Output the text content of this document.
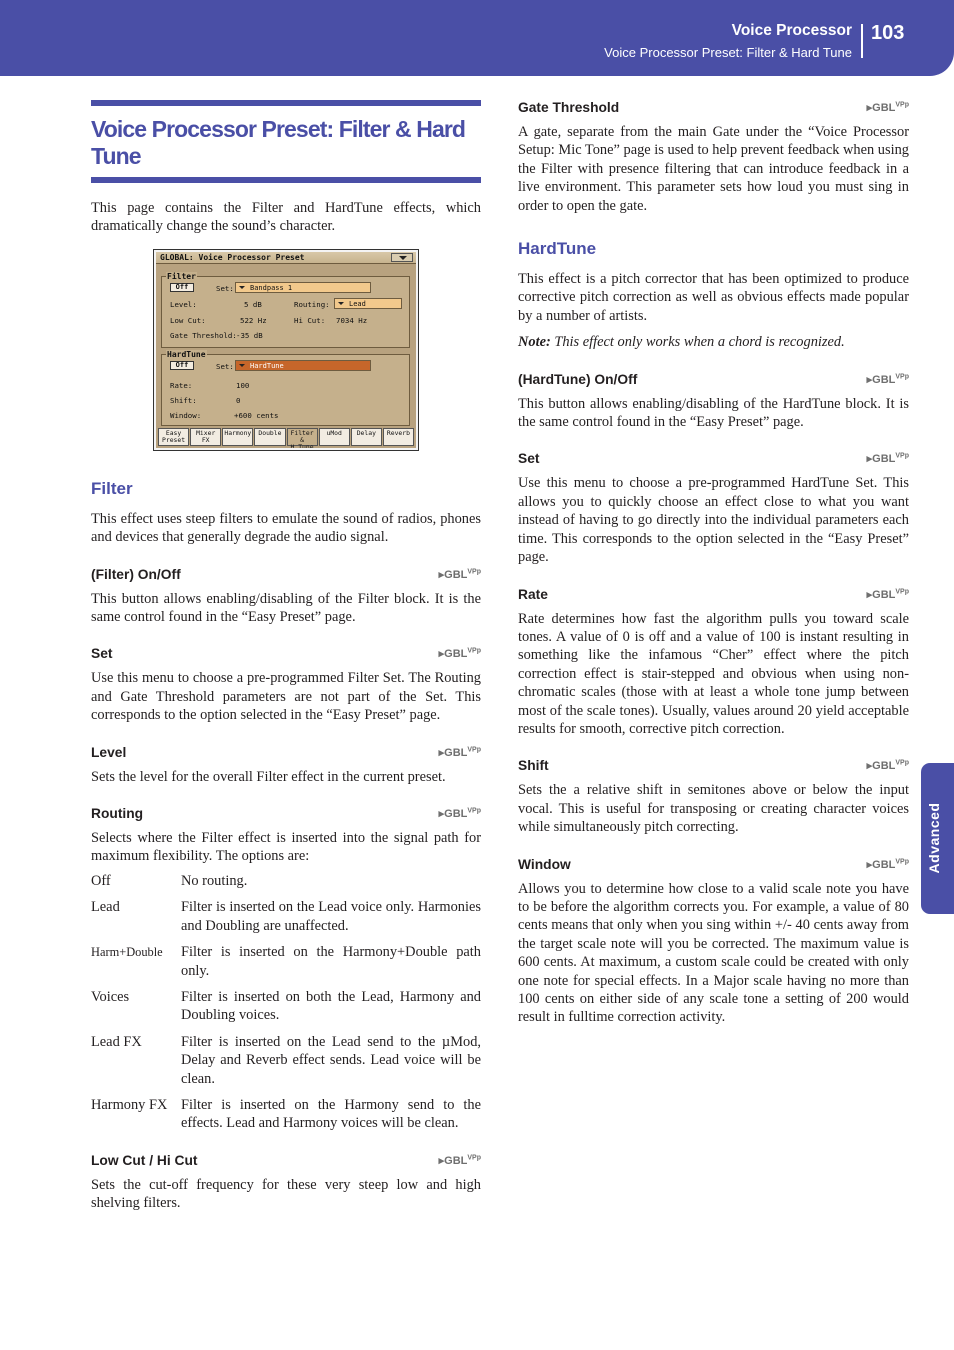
Voice Processor
Voice Processor Preset: Filter & Hard Tune
103
Advanced
Voice Processor Preset: Filter & Hard Tune

This page contains the Filter and HardTune effects, which dramatically change the sound’s character.

GLOBAL: Voice Processor Preset
Filter
Off	Set:	Bandpass 1
Level:	5 dB	Routing:	Lead
Low Cut:	522 Hz	Hi Cut: 7034 Hz
Gate Threshold: -35 dB
HardTune
Off	Set:	HardTune
Rate:	100
Shift:	0
Window:	+600 cents
Easy Preset
Mixer FX
Harmony	Double	Filter & H.Tune
uMod	Delay	Reverb
Filter

This effect uses steep filters to emulate the sound of radios, phones and devices that generally degrade the audio signal.

(Filter) On/Off	$▸GBL^{VPp}$

This button allows enabling/disabling of the Filter block. It is the same control found in the “Easy Preset” page.

Set	$▸GBL^{VPp}$

Use this menu to choose a pre-programmed Filter Set. The Routing and Gate Threshold parameters are not part of the Set. This corresponds to the option selected in the “Easy Preset” page.

Level	$▸GBL^{VPp}$

Sets the level for the overall Filter effect in the current preset.

Routing	$▸GBL^{VPp}$

Selects where the Filter effect is inserted into the signal path for maximum flexibility. The options are:

Off	No routing.
Lead	Filter is inserted on the Lead voice only. Harmonies and Doubling are unaffected.
Harm+Double	Filter is inserted on the Harmony+Double path only.
Voices	Filter is inserted on both the Lead, Harmony and Doubling voices.
Lead FX	Filter is inserted on the Lead send to the µMod, Delay and Reverb effect sends. Lead voice will be clean.
Harmony FX	Filter is inserted on the Harmony send to the effects. Lead and Harmony voices will be clean.
Low Cut / Hi Cut	$▸GBL^{VPp}$

Sets the cut-off frequency for these very steep low and high shelving filters.

Gate Threshold	$▸GBL^{VPp}$

A gate, separate from the main Gate under the “Voice Processor Setup: Mic Tone” page is used to help prevent feedback when using the Filter with presence filtering that can introduce feedback in a live environment. This parameter sets how loud you must sing in order to open the gate.

HardTune

This effect is a pitch corrector that has been optimized to produce corrective pitch correction as well as obvious effects made popular by a number of artists.

Note: This effect only works when a chord is recognized.

(HardTune) On/Off	$▸GBL^{VPp}$

This button allows enabling/disabling of the HardTune block. It is the same control found in the “Easy Preset” page.

Set	$▸GBL^{VPp}$

Use this menu to choose a pre-programmed HardTune Set. This allows you to quickly choose an effect close to what you want instead of having to go directly into the individual parameters each time. This corresponds to the option selected in the “Easy Preset” page.

Rate	$▸GBL^{VPp}$

Rate determines how fast the algorithm pulls you toward scale tones. A value of 0 is off and a value of 100 is instant resulting in something like the infamous “Cher” effect where the pitch correction effect is stair-stepped and obvious when using non-chromatic scales (those with at least a whole tone jump between most of the scale tones). Usually, values around 20 yield acceptable results for smooth, corrective pitch correction.

Shift	$▸GBL^{VPp}$

Sets the a relative shift in semitones above or below the input vocal. This is useful for transposing or creating character voices while simultaneously pitch correcting.

Window	$▸GBL^{VPp}$

Allows you to determine how close to a valid scale note you have to be before the algorithm corrects you. For example, a value of 80 cents means that only when you sing within +/- 40 cents away from the target scale note will you be corrected. The maximum value is 600 cents. At maximum, a custom scale could be created with only one note for special effects. In a Major scale having no more than 100 cents on either side of any scale tone a setting of 200 would result in fulltime correction activity.
